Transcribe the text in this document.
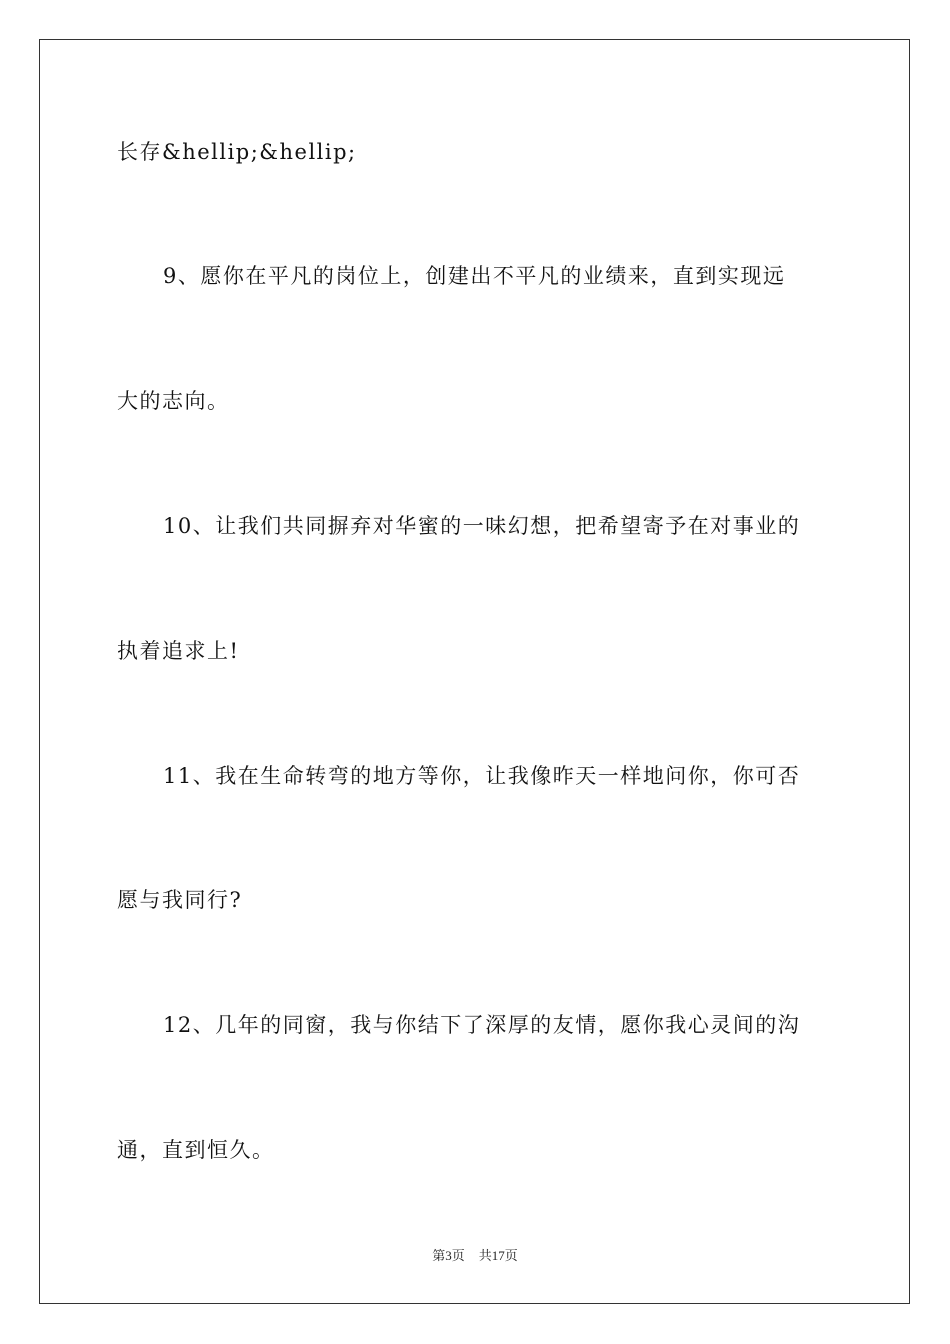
长存&hellip;&hellip;
9、愿你在平凡的岗位上，创建出不平凡的业绩来，直到实现远
大的志向。
10、让我们共同摒弃对华蜜的一味幻想，把希望寄予在对事业的
执着追求上!
11、我在生命转弯的地方等你，让我像昨天一样地问你，你可否
愿与我同行?
12、几年的同窗，我与你结下了深厚的友情，愿你我心灵间的沟
通，直到恒久。
第3页 共17页
